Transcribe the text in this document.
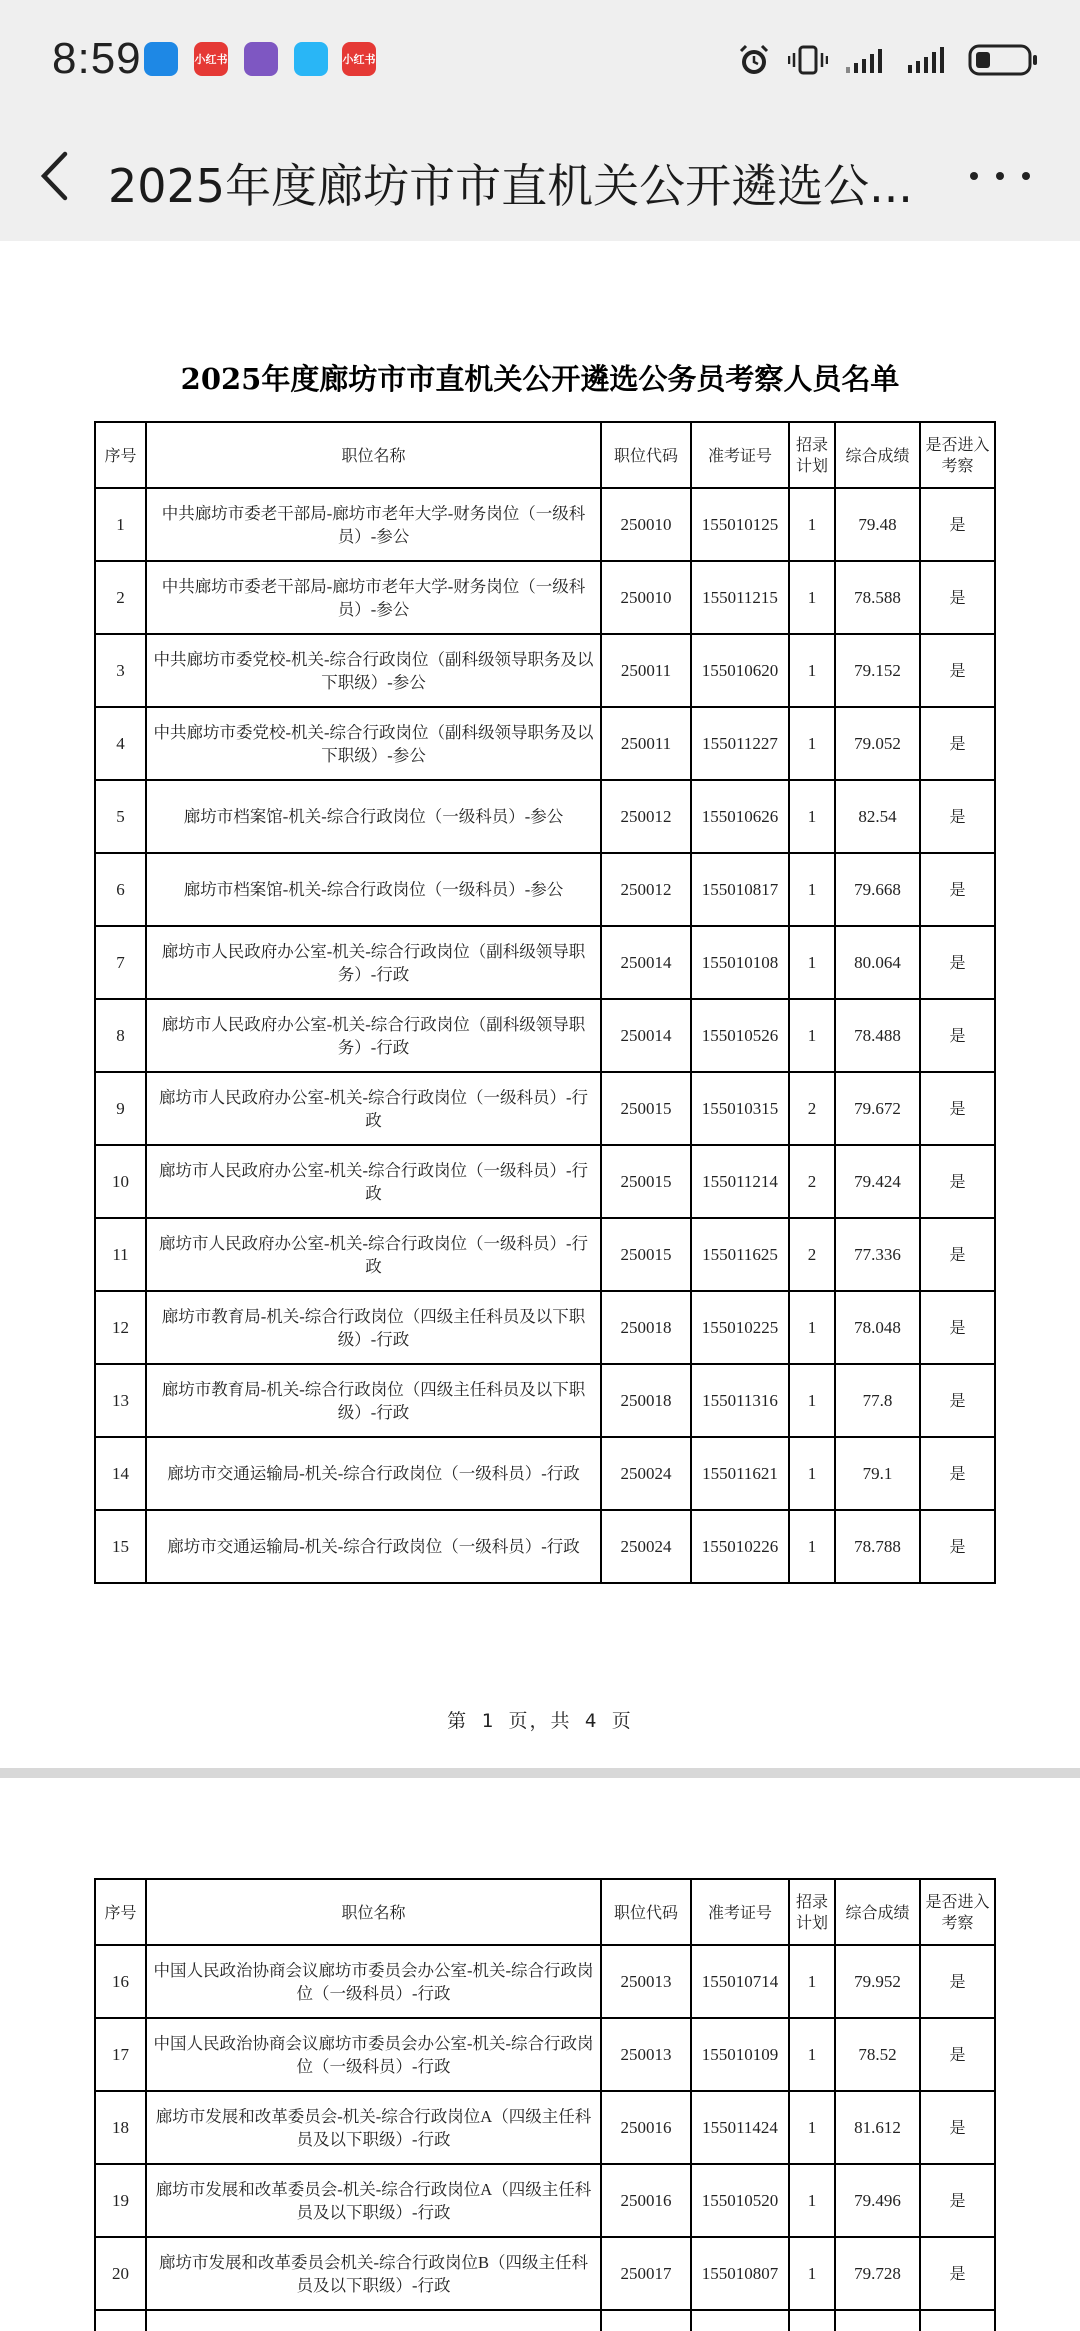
8:59	小红书	小红书
2025年度廊坊市市直机关公开遴选公...
2025年度廊坊市市直机关公开遴选公务员考察人员名单
序号	职位名称	职位代码	准考证号	招录计划	综合成绩	是否进入考察
1	中共廊坊市委老干部局-廊坊市老年大学-财务岗位（一级科员）-参公	250010	155010125	1	79.48	是
2	中共廊坊市委老干部局-廊坊市老年大学-财务岗位（一级科员）-参公	250010	155011215	1	78.588	是
3	中共廊坊市委党校-机关-综合行政岗位（副科级领导职务及以下职级）-参公	250011	155010620	1	79.152	是
4	中共廊坊市委党校-机关-综合行政岗位（副科级领导职务及以下职级）-参公	250011	155011227	1	79.052	是
5	廊坊市档案馆-机关-综合行政岗位（一级科员）-参公	250012	155010626	1	82.54	是
6	廊坊市档案馆-机关-综合行政岗位（一级科员）-参公	250012	155010817	1	79.668	是
7	廊坊市人民政府办公室-机关-综合行政岗位（副科级领导职务）-行政	250014	155010108	1	80.064	是
8	廊坊市人民政府办公室-机关-综合行政岗位（副科级领导职务）-行政	250014	155010526	1	78.488	是
9	廊坊市人民政府办公室-机关-综合行政岗位（一级科员）-行政	250015	155010315	2	79.672	是
10	廊坊市人民政府办公室-机关-综合行政岗位（一级科员）-行政	250015	155011214	2	79.424	是
11	廊坊市人民政府办公室-机关-综合行政岗位（一级科员）-行政	250015	155011625	2	77.336	是
12	廊坊市教育局-机关-综合行政岗位（四级主任科员及以下职级）-行政	250018	155010225	1	78.048	是
13	廊坊市教育局-机关-综合行政岗位（四级主任科员及以下职级）-行政	250018	155011316	1	77.8	是
14	廊坊市交通运输局-机关-综合行政岗位（一级科员）-行政	250024	155011621	1	79.1	是
15	廊坊市交通运输局-机关-综合行政岗位（一级科员）-行政	250024	155010226	1	78.788	是
第 1 页，共 4 页
序号	职位名称	职位代码	准考证号	招录计划	综合成绩	是否进入考察
16	中国人民政治协商会议廊坊市委员会办公室-机关-综合行政岗位（一级科员）-行政	250013	155010714	1	79.952	是
17	中国人民政治协商会议廊坊市委员会办公室-机关-综合行政岗位（一级科员）-行政	250013	155010109	1	78.52	是
18	廊坊市发展和改革委员会-机关-综合行政岗位A（四级主任科员及以下职级）-行政	250016	155011424	1	81.612	是
19	廊坊市发展和改革委员会-机关-综合行政岗位A（四级主任科员及以下职级）-行政	250016	155010520	1	79.496	是
20	廊坊市发展和改革委员会机关-综合行政岗位B（四级主任科员及以下职级）-行政	250017	155010807	1	79.728	是
